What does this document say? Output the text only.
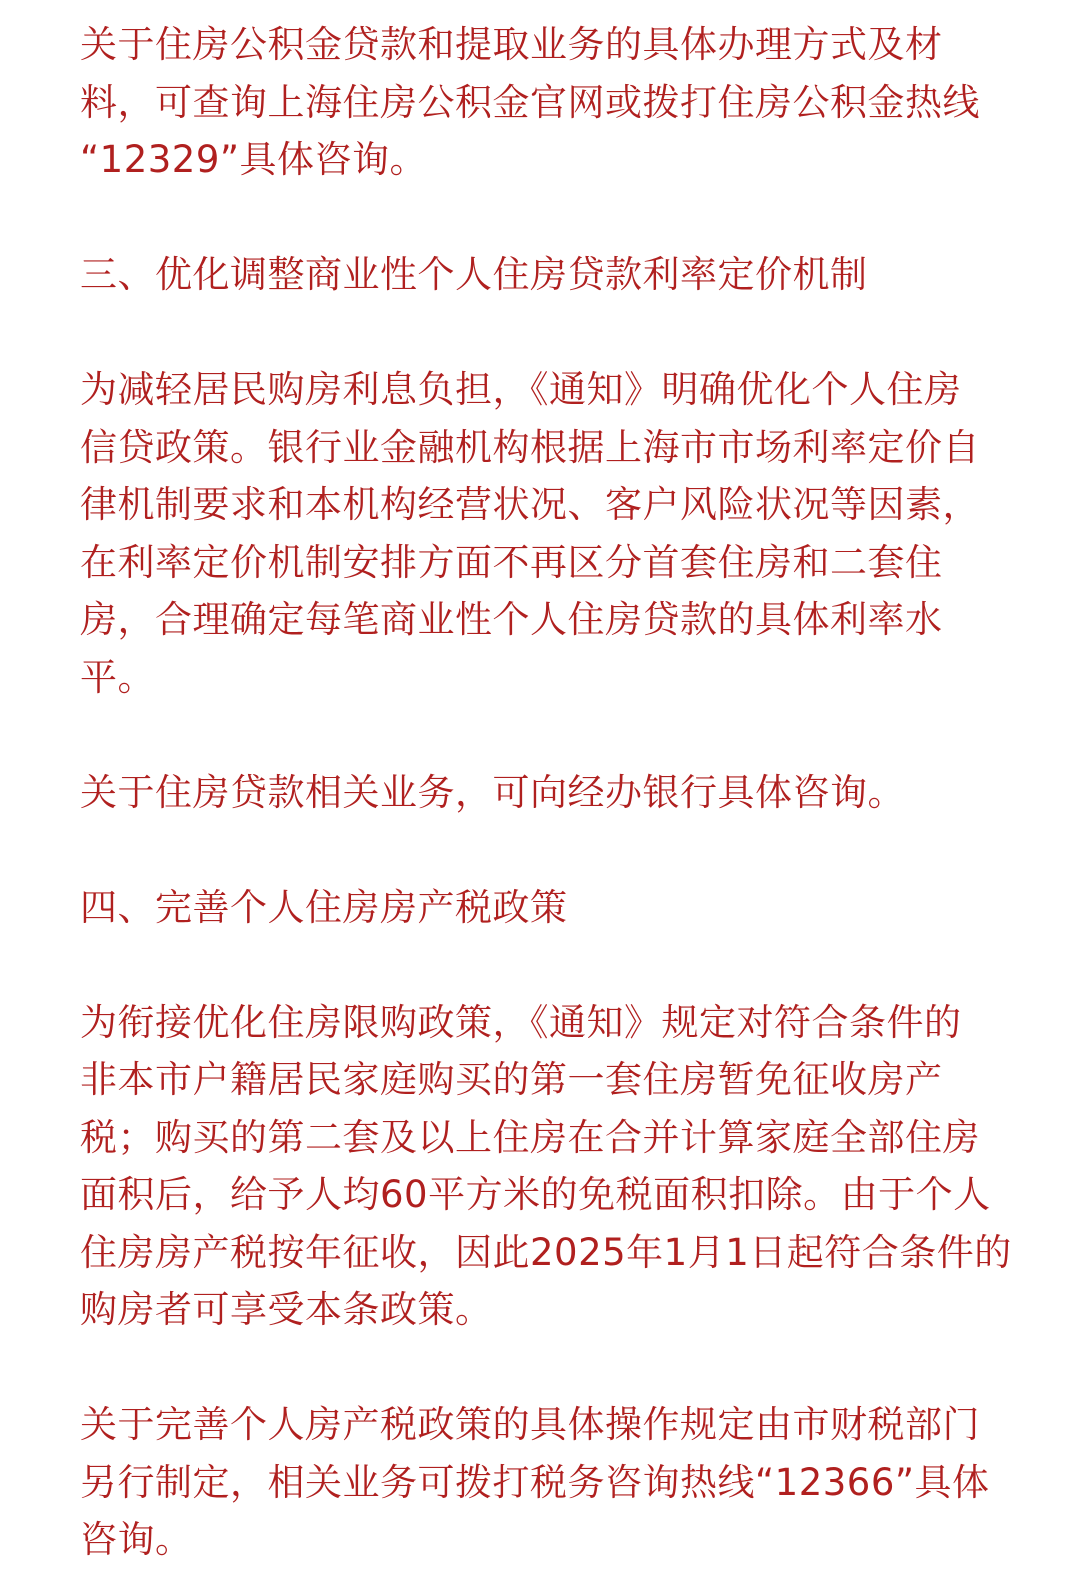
关于住房公积金贷款和提取业务的具体办理方式及材
料，可查询上海住房公积金官网或拨打住房公积金热线
“12329”具体咨询。
三、优化调整商业性个人住房贷款利率定价机制
为减轻居民购房利息负担，《通知》明确优化个人住房
信贷政策。银行业金融机构根据上海市市场利率定价自
律机制要求和本机构经营状况、客户风险状况等因素，
在利率定价机制安排方面不再区分首套住房和二套住
房，合理确定每笔商业性个人住房贷款的具体利率水
平。
关于住房贷款相关业务，可向经办银行具体咨询。
四、完善个人住房房产税政策
为衔接优化住房限购政策，《通知》规定对符合条件的
非本市户籍居民家庭购买的第一套住房暂免征收房产
税；购买的第二套及以上住房在合并计算家庭全部住房
面积后，给予人均60平方米的免税面积扣除。由于个人
住房房产税按年征收，因此2025年1月1日起符合条件的
购房者可享受本条政策。
关于完善个人房产税政策的具体操作规定由市财税部门
另行制定，相关业务可拨打税务咨询热线“12366”具体
咨询。
